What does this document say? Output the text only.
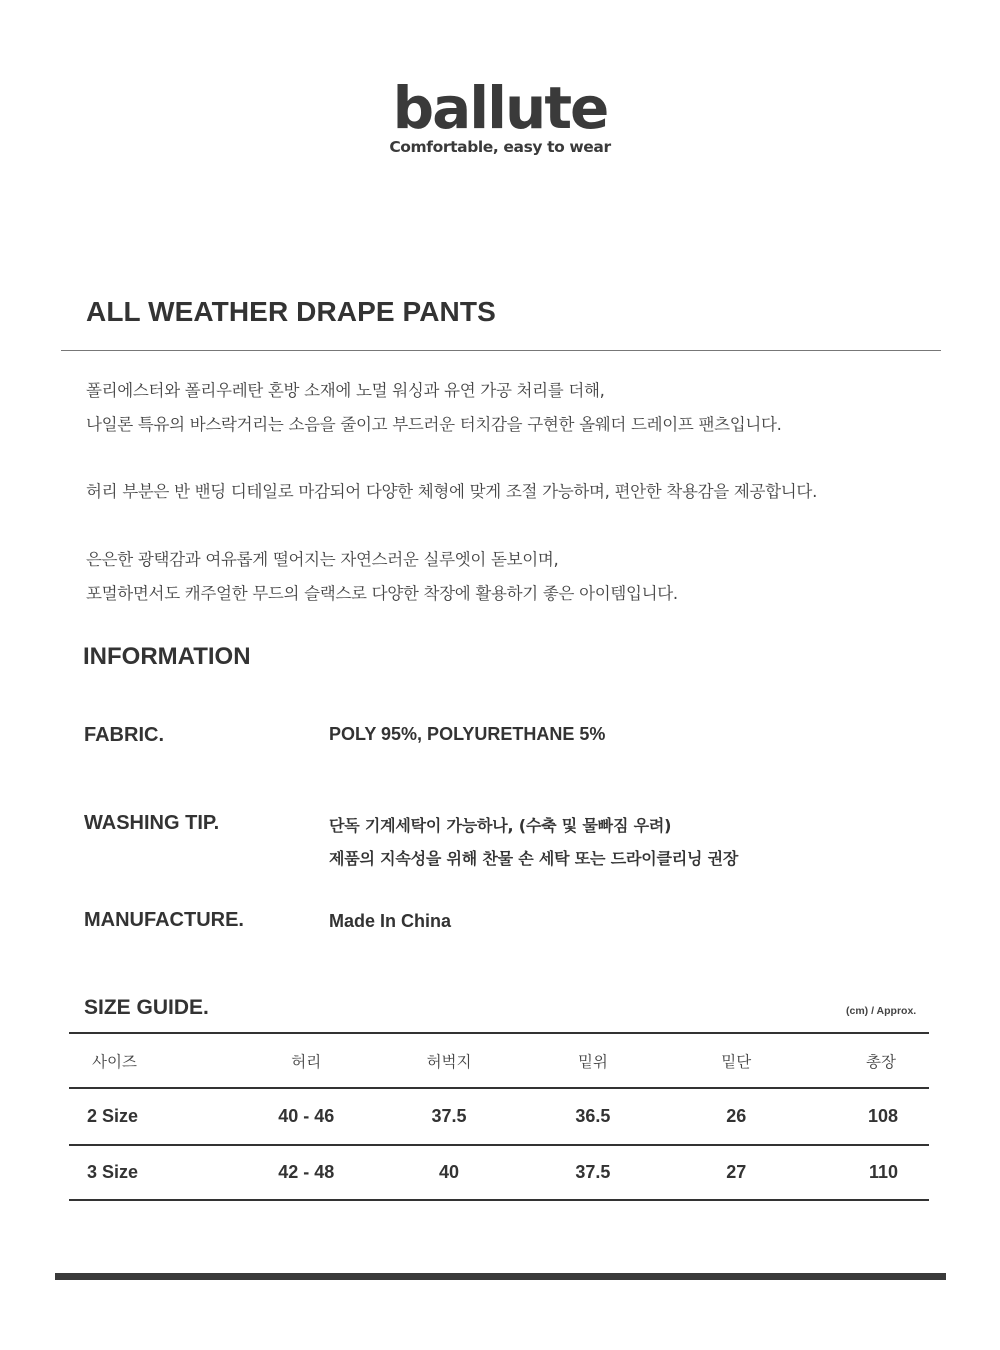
ballute
Comfortable, easy to wear
ALL WEATHER DRAPE PANTS
폴리에스터와 폴리우레탄 혼방 소재에 노멀 워싱과 유연 가공 처리를 더해,
나일론 특유의 바스락거리는 소음을 줄이고 부드러운 터치감을 구현한 올웨더 드레이프 팬츠입니다.
허리 부분은 반 밴딩 디테일로 마감되어 다양한 체형에 맞게 조절 가능하며, 편안한 착용감을 제공합니다.
은은한 광택감과 여유롭게 떨어지는 자연스러운 실루엣이 돋보이며,
포멀하면서도 캐주얼한 무드의 슬랙스로 다양한 착장에 활용하기 좋은 아이템입니다.
INFORMATION
FABRIC.	POLY 95%, POLYURETHANE 5%
WASHING TIP.	단독 기계세탁이 가능하나, (수축 및 물빠짐 우려)
제품의 지속성을 위해 찬물 손 세탁 또는 드라이클리닝 권장
MANUFACTURE.	Made In China
SIZE GUIDE.	(cm) / Approx.
사이즈	허리	허벅지	밑위	밑단	총장
2 Size	40 - 46	37.5	36.5	26	108
3 Size	42 - 48	40	37.5	27	110
